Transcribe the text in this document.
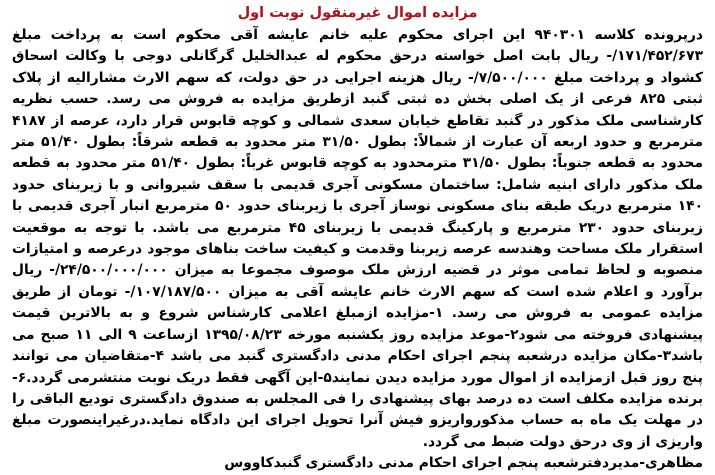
مزایده اموال غیرمنقول نوبت اول

درپرونده کلاسه ۹۴۰۳۰۱ این اجرای محکوم علیه خانم عایشه آقی محکوم است به پرداخت مبلغ ۱۷۱/۴۵۲/۶۷۳/- ریال بابت اصل خواسته درحق محکوم له عبدالخلیل گرگانلی دوجی با وکالت اسحاق کشواد و پرداخت مبلغ ۷/۵۰۰/۰۰۰/- ریال هزینه اجرایی در حق دولت، که سهم الارث مشارالیه از پلاک ثبتی ۸۲۵ فرعی از یک اصلی بخش ده ثبتی گنبد ازطریق مزایده به فروش می رسد. حسب نظریه کارشناسی ملک مذکور در گنبد تقاطع خیابان سعدی شمالی و کوچه قابوس قرار دارد، عرصه از ۴۱۸۷ مترمربع و حدود اربعه آن عبارت از شمالاً: بطول ۳۱/۵۰ متر محدود به قطعه شرقاً: بطول ۵۱/۴۰ متر محدود به قطعه جنوباً: بطول ۳۱/۵۰ مترمحدود به کوچه قابوس غرباً: بطول ۵۱/۴۰ متر محدود به قطعه ملک مذکور دارای ابنیه شامل: ساختمان مسکونی آجری قدیمی با سقف شیروانی و با زیربنای حدود ۱۴۰ مترمربع دریک طبقه بنای مسکونی نوساز آجری با زیربنای حدود ۵۰ مترمربع انبار آجری قدیمی با زیربنای حدود ۲۳۰ مترمربع و پارکینگ قدیمی با زیربنای ۴۵ مترمربع می باشد. با توجه به موقعیت استقرار ملک مساحت وهندسه عرصه زیربنا وقدمت و کیفیت ساخت بناهای موجود درعرصه و امتیازات منصوبه و لحاظ تمامی موثر در قضیه ارزش ملک موصوف مجموعا به میزان ۲۴/۵۰۰/۰۰۰/۰۰۰/- ریال برآورد و اعلام شده است که سهم الارث خانم عایشه آقی به میزان ۱۰۷/۱۸۷/۵۰۰/- تومان از طریق مزایده عمومی به فروش می رسد. ۱-مزایده ازمبلغ اعلامی کارشناس شروع و به بالاترین قیمت پیشنهادی فروخته می شود۲-موعد مزایده روز یکشنبه مورخه ۱۳۹۵/۰۸/۲۳ ازساعت ۹ الی ۱۱ صبح می باشد۳-مکان مزایده درشعبه پنجم اجرای احکام مدنی دادگستری گنبد می باشد ۴-متقاضیان می توانند پنج روز قبل ازمزایده از اموال مورد مزایده دیدن نمایند۵-این آگهی فقط دریک نوبت منتشرمی گردد.۶- برنده مزایده مکلف است ده درصد بهای پیشنهادی را فی المجلس به صندوق دادگستری تودیع الباقی را در مهلت یک ماه به حساب مذکورواریزو فیش آنرا تحویل اجرای این دادگاه نماید.درغیراینصورت مبلغ واریزی از وی درحق دولت ضبط می گردد.

مظاهری-مدیردفترشعبه پنجم اجرای احکام مدنی دادگستری گنبدکاووس
